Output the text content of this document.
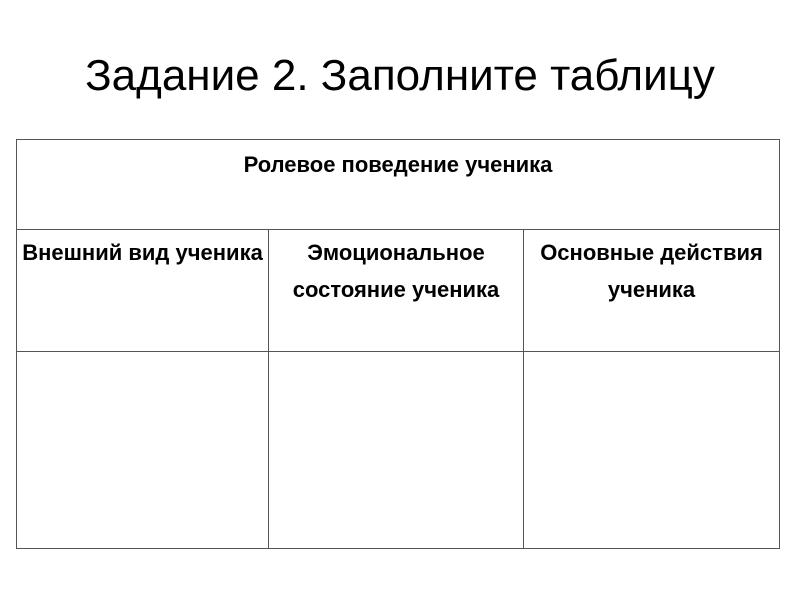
Задание 2. Заполните таблицу
Ролевое поведение ученика		
Внешний вид ученика	Эмоциональное состояние ученика	Основные действия ученика
